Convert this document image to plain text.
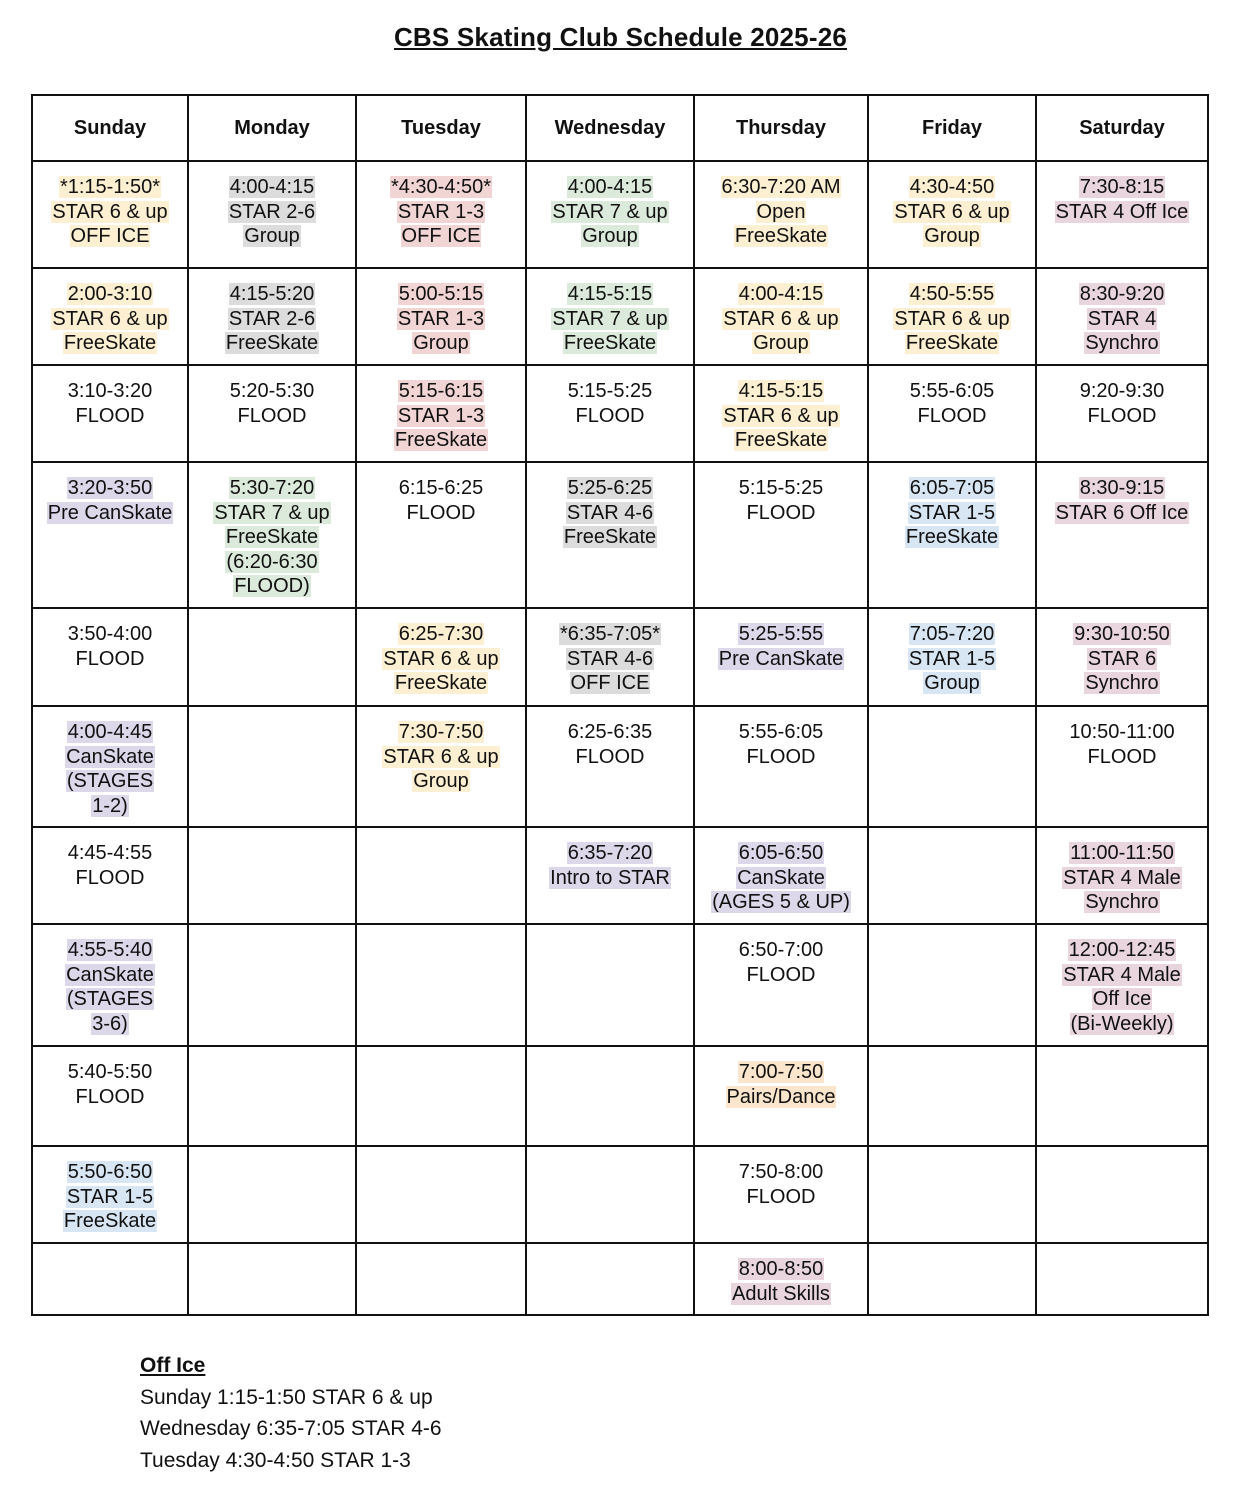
CBS Skating Club Schedule 2025-26
Sunday	Monday	Tuesday	Wednesday	Thursday	Friday	Saturday

*1:15-1:50*
STAR 6 & up
OFF ICE	4:00-4:15
STAR 2-6
Group	*4:30-4:50*
STAR 1-3
OFF ICE	4:00-4:15
STAR 7 & up
Group	6:30-7:20 AM
Open
FreeSkate	4:30-4:50
STAR 6 & up
Group	7:30-8:15
STAR 4 Off Ice

2:00-3:10
STAR 6 & up
FreeSkate	4:15-5:20
STAR 2-6
FreeSkate	5:00-5:15
STAR 1-3
Group	4:15-5:15
STAR 7 & up
FreeSkate	4:00-4:15
STAR 6 & up
Group	4:50-5:55
STAR 6 & up
FreeSkate	8:30-9:20
STAR 4
Synchro

3:10-3:20
FLOOD	5:20-5:30
FLOOD	5:15-6:15
STAR 1-3
FreeSkate	5:15-5:25
FLOOD	4:15-5:15
STAR 6 & up
FreeSkate	5:55-6:05
FLOOD	9:20-9:30
FLOOD

3:20-3:50
Pre CanSkate	5:30-7:20
STAR 7 & up
FreeSkate
(6:20-6:30
FLOOD)	6:15-6:25
FLOOD	5:25-6:25
STAR 4-6
FreeSkate	5:15-5:25
FLOOD	6:05-7:05
STAR 1-5
FreeSkate	8:30-9:15
STAR 6 Off Ice

3:50-4:00
FLOOD		6:25-7:30
STAR 6 & up
FreeSkate	*6:35-7:05*
STAR 4-6
OFF ICE	5:25-5:55
Pre CanSkate	7:05-7:20
STAR 1-5
Group	9:30-10:50
STAR 6
Synchro

4:00-4:45
CanSkate
(STAGES
1-2)		7:30-7:50
STAR 6 & up
Group	6:25-6:35
FLOOD	5:55-6:05
FLOOD		10:50-11:00
FLOOD

4:45-4:55
FLOOD			6:35-7:20
Intro to STAR	6:05-6:50
CanSkate
(AGES 5 & UP)		11:00-11:50
STAR 4 Male
Synchro

4:55-5:40
CanSkate
(STAGES
3-6)				6:50-7:00
FLOOD		12:00-12:45
STAR 4 Male
Off Ice
(Bi-Weekly)

5:40-5:50
FLOOD				7:00-7:50
Pairs/Dance		

5:50-6:50
STAR 1-5
FreeSkate				7:50-8:00
FLOOD		

				8:00-8:50
Adult Skills		

Off Ice
Sunday 1:15-1:50 STAR 6 & up
Wednesday 6:35-7:05 STAR 4-6
Tuesday 4:30-4:50 STAR 1-3
